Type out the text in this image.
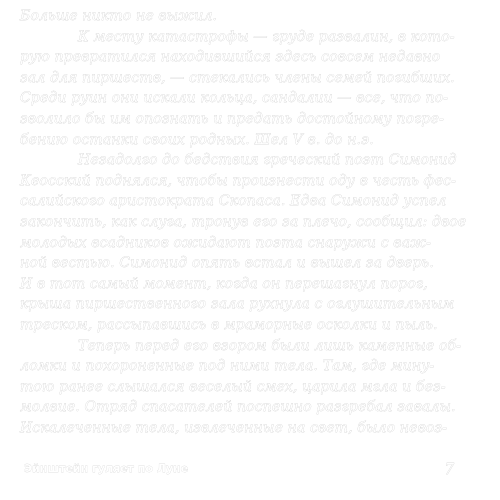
Больше никто не выжил.
К месту катастрофы — груде развалин, в кото-
рую превратился находившийся здесь совсем недавно
зал для пиршеств, — стекались члены семей погибших.
Среди руин они искали кольца, сандалии — все, что по-
зволило бы им опознать и предать достойному погре-
бению останки своих родных. Шел V в. до н.э.
Незадолго до бедствия греческий поэт Симонид
Кеосский поднялся, чтобы произнести оду в честь фес-
салийского аристократа Скопаса. Едва Симонид успел
закончить, как слуга, тронув его за плечо, сообщил: двое
молодых всадников ожидают поэта снаружи с важ-
ной вестью. Симонид опять встал и вышел за дверь.
И в тот самый момент, когда он перешагнул порог,
крыша пиршественного зала рухнула с оглушительным
треском, рассыпавшись в мраморные осколки и пыль.
Теперь перед его взором были лишь каменные об-
ломки и похороненные под ними тела. Там, где мину-
тою ранее слышался веселый смех, царила мгла и без-
молвие. Отряд спасателей поспешно разгребал завалы.
Искалеченные тела, извлеченные на свет, было невоз-
Эйнштейн гуляет по Луне	7
